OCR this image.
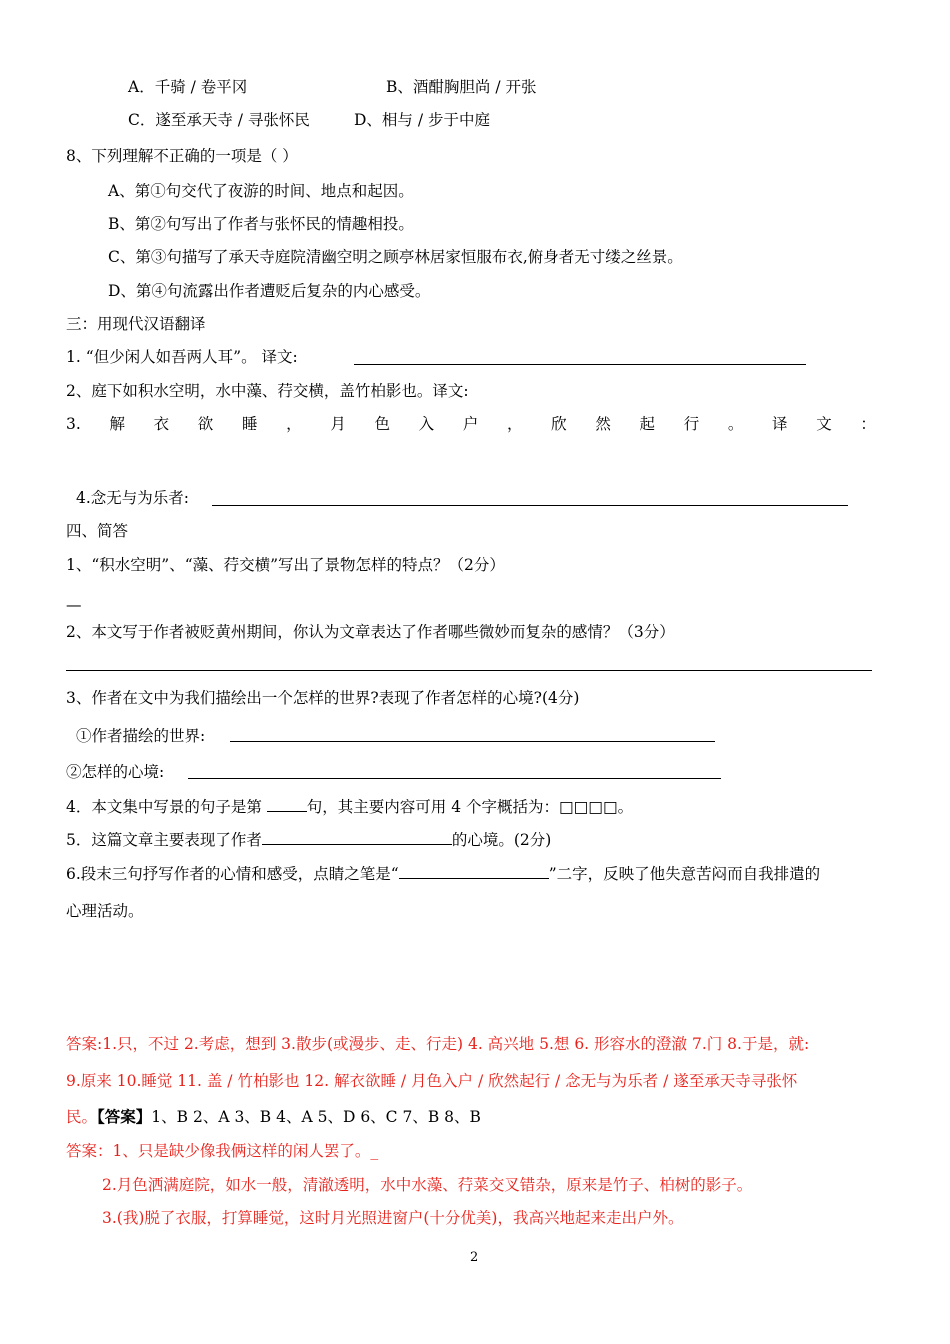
A．千骑 / 卷平冈	B、酒酣胸胆尚 / 开张
C．遂至承天寺 / 寻张怀民	D、相与 / 步于中庭
8、下列理解不正确的一项是（ ）
A、第①句交代了夜游的时间、地点和起因。
B、第②句写出了作者与张怀民的情趣相投。
C、第③句描写了承天寺庭院清幽空明之顾亭林居家恒服布衣,俯身者无寸缕之丝景。
D、第④句流露出作者遭贬后复杂的内心感受。
三：用现代汉语翻译
1. “但少闲人如吾两人耳”。 译文:
2、庭下如积水空明，水中藻、荇交横，盖竹柏影也。译文:
3. 解 衣 欲 睡 ， 月 色 入 户 ， 欣 然 起 行 。 译 文 ：
4.念无与为乐者:
四、简答
1、“积水空明”、“藻、荇交横”写出了景物怎样的特点？（2分）
—
2、本文写于作者被贬黄州期间，你认为文章表达了作者哪些微妙而复杂的感情？（3分）
3、作者在文中为我们描绘出一个怎样的世界?表现了作者怎样的心境?(4分)
①作者描绘的世界:
②怎样的心境:
4．本文集中写景的句子是第	句，其主要内容可用 4 个字概括为：□□□□。
5．这篇文章主要表现了作者	的心境。(2分)
6.段末三句抒写作者的心情和感受，点睛之笔是“	”二字，反映了他失意苦闷而自我排遣的
心理活动。
答案:1.只，不过 2.考虑，想到 3.散步(或漫步、走、行走) 4. 高兴地 5.想 6. 形容水的澄澈 7.门 8.于是，就:
9.原来 10.睡觉 11. 盖 / 竹柏影也 12. 解衣欲睡 / 月色入户 / 欣然起行 / 念无与为乐者 / 遂至承天寺寻张怀
民。【答案】1、B 2、A 3、B 4、A 5、D 6、C 7、B 8、B
答案：1、只是缺少像我俩这样的闲人罢了。_
2.月色洒满庭院，如水一般，清澈透明，水中水藻、荇菜交叉错杂，原来是竹子、柏树的影子。
3.(我)脱了衣服，打算睡觉，这时月光照进窗户(十分优美)，我高兴地起来走出户外。
2
